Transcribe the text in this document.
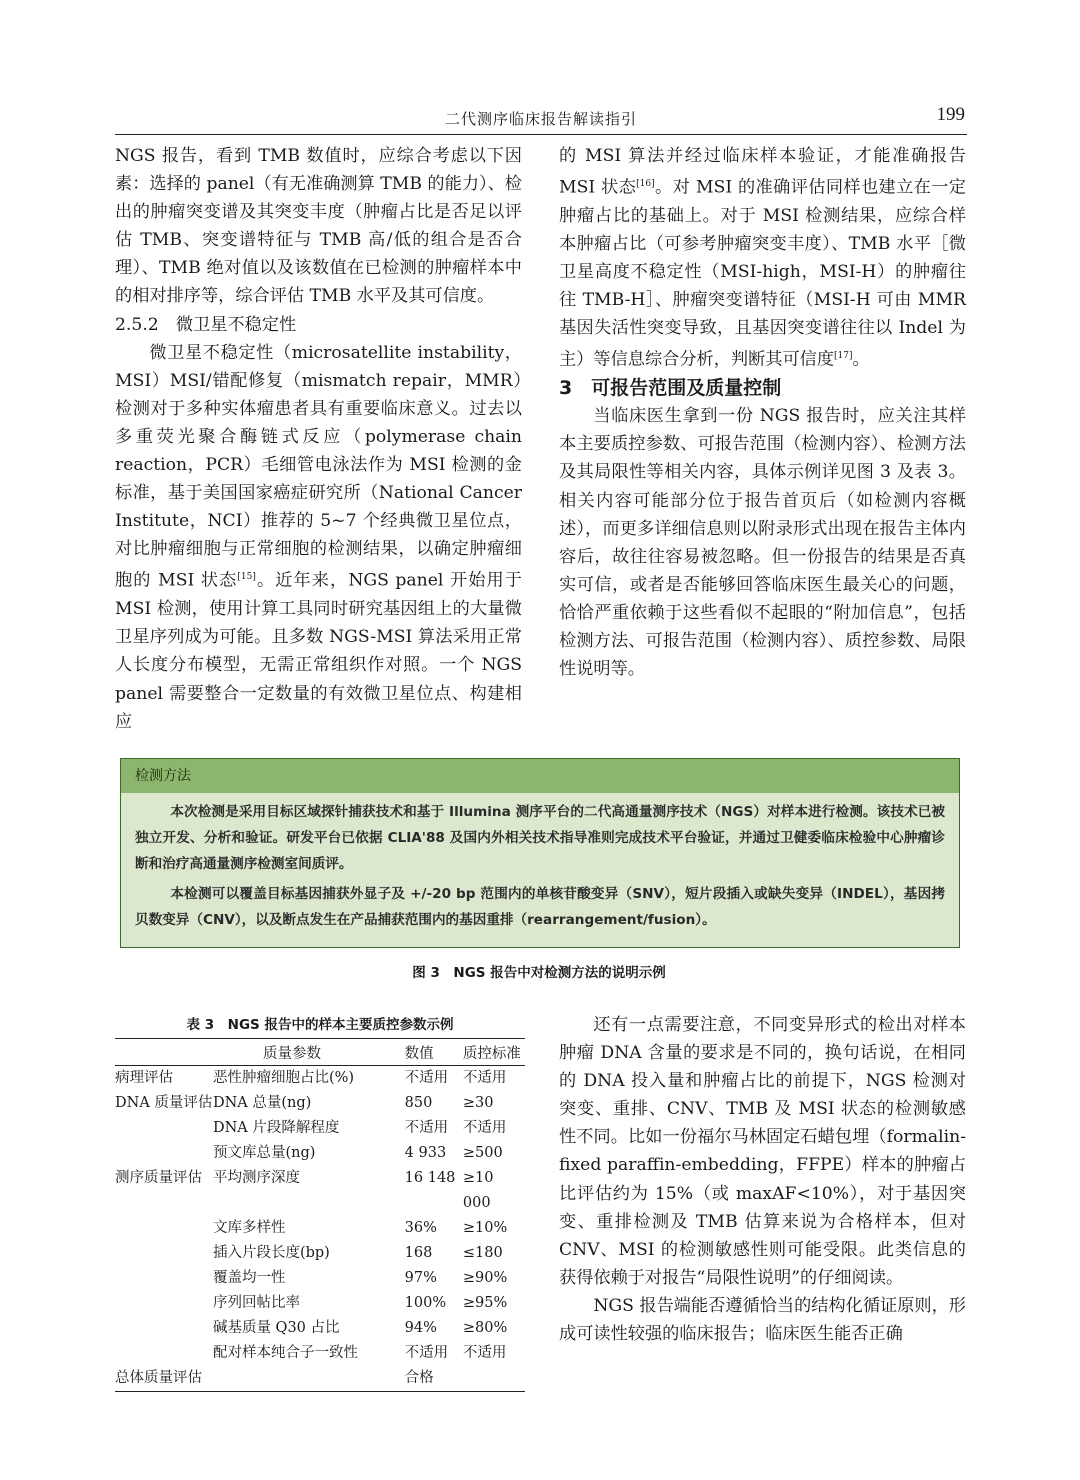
二代测序临床报告解读指引	199

NGS 报告，看到 TMB 数值时，应综合考虑以下因素：选择的 panel（有无准确测算 TMB 的能力）、检出的肿瘤突变谱及其突变丰度（肿瘤占比是否足以评估 TMB、突变谱特征与 TMB 高/低的组合是否合理）、TMB 绝对值以及该数值在已检测的肿瘤样本中的相对排序等，综合评估 TMB 水平及其可信度。

2.5.2　微卫星不稳定性

微卫星不稳定性（microsatellite instability，MSI）MSI/错配修复（mismatch repair，MMR）检测对于多种实体瘤患者具有重要临床意义。过去以多重荧光聚合酶链式反应（polymerase chain reaction，PCR）毛细管电泳法作为 MSI 检测的金标准，基于美国国家癌症研究所（National Cancer Institute，NCI）推荐的 5~7 个经典微卫星位点，对比肿瘤细胞与正常细胞的检测结果，以确定肿瘤细胞的 MSI 状态[15]。近年来，NGS panel 开始用于 MSI 检测，使用计算工具同时研究基因组上的大量微卫星序列成为可能。且多数 NGS-MSI 算法采用正常人长度分布模型，无需正常组织作对照。一个 NGS panel 需要整合一定数量的有效微卫星位点、构建相应

的 MSI 算法并经过临床样本验证，才能准确报告 MSI 状态[16]。对 MSI 的准确评估同样也建立在一定肿瘤占比的基础上。对于 MSI 检测结果，应综合样本肿瘤占比（可参考肿瘤突变丰度）、TMB 水平［微卫星高度不稳定性（MSI-high，MSI-H）的肿瘤往往 TMB-H］、肿瘤突变谱特征（MSI-H 可由 MMR 基因失活性突变导致，且基因突变谱往往以 Indel 为主）等信息综合分析，判断其可信度[17]。

3　可报告范围及质量控制

当临床医生拿到一份 NGS 报告时，应关注其样本主要质控参数、可报告范围（检测内容）、检测方法及其局限性等相关内容，具体示例详见图 3 及表 3。相关内容可能部分位于报告首页后（如检测内容概述），而更多详细信息则以附录形式出现在报告主体内容后，故往往容易被忽略。但一份报告的结果是否真实可信，或者是否能够回答临床医生最关心的问题，恰恰严重依赖于这些看似不起眼的“附加信息”，包括检测方法、可报告范围（检测内容）、质控参数、局限性说明等。

检测方法

本次检测是采用目标区域探针捕获技术和基于 Illumina 测序平台的二代高通量测序技术（NGS）对样本进行检测。该技术已被独立开发、分析和验证。研发平台已依据 CLIA'88 及国内外相关技术指导准则完成技术平台验证，并通过卫健委临床检验中心肿瘤诊断和治疗高通量测序检测室间质评。

本检测可以覆盖目标基因捕获外显子及 +/-20 bp 范围内的单核苷酸变异（SNV），短片段插入或缺失变异（INDEL），基因拷贝数变异（CNV），以及断点发生在产品捕获范围内的基因重排（rearrangement/fusion）。

图 3　NGS 报告中对检测方法的说明示例
表 3　NGS 报告中的样本主要质控参数示例
	质量参数	数值	质控标准
病理评估	恶性肿瘤细胞占比(%)	不适用	不适用
DNA 质量评估	DNA 总量(ng)	850	≥30
	DNA 片段降解程度	不适用	不适用
	预文库总量(ng)	4 933	≥500
测序质量评估	平均测序深度	16 148	≥10 000
	文库多样性	36%	≥10%
	插入片段长度(bp)	168	≤180
	覆盖均一性	97%	≥90%
	序列回帖比率	100%	≥95%
	碱基质量 Q30 占比	94%	≥80%
	配对样本纯合子一致性	不适用	不适用
总体质量评估		合格	

还有一点需要注意，不同变异形式的检出对样本肿瘤 DNA 含量的要求是不同的，换句话说，在相同的 DNA 投入量和肿瘤占比的前提下，NGS 检测对突变、重排、CNV、TMB 及 MSI 状态的检测敏感性不同。比如一份福尔马林固定石蜡包埋（formalin-fixed paraffin-embedding，FFPE）样本的肿瘤占比评估约为 15%（或 maxAF<10%），对于基因突变、重排检测及 TMB 估算来说为合格样本，但对 CNV、MSI 的检测敏感性则可能受限。此类信息的获得依赖于对报告“局限性说明”的仔细阅读。

NGS 报告端能否遵循恰当的结构化循证原则，形成可读性较强的临床报告；临床医生能否正确
